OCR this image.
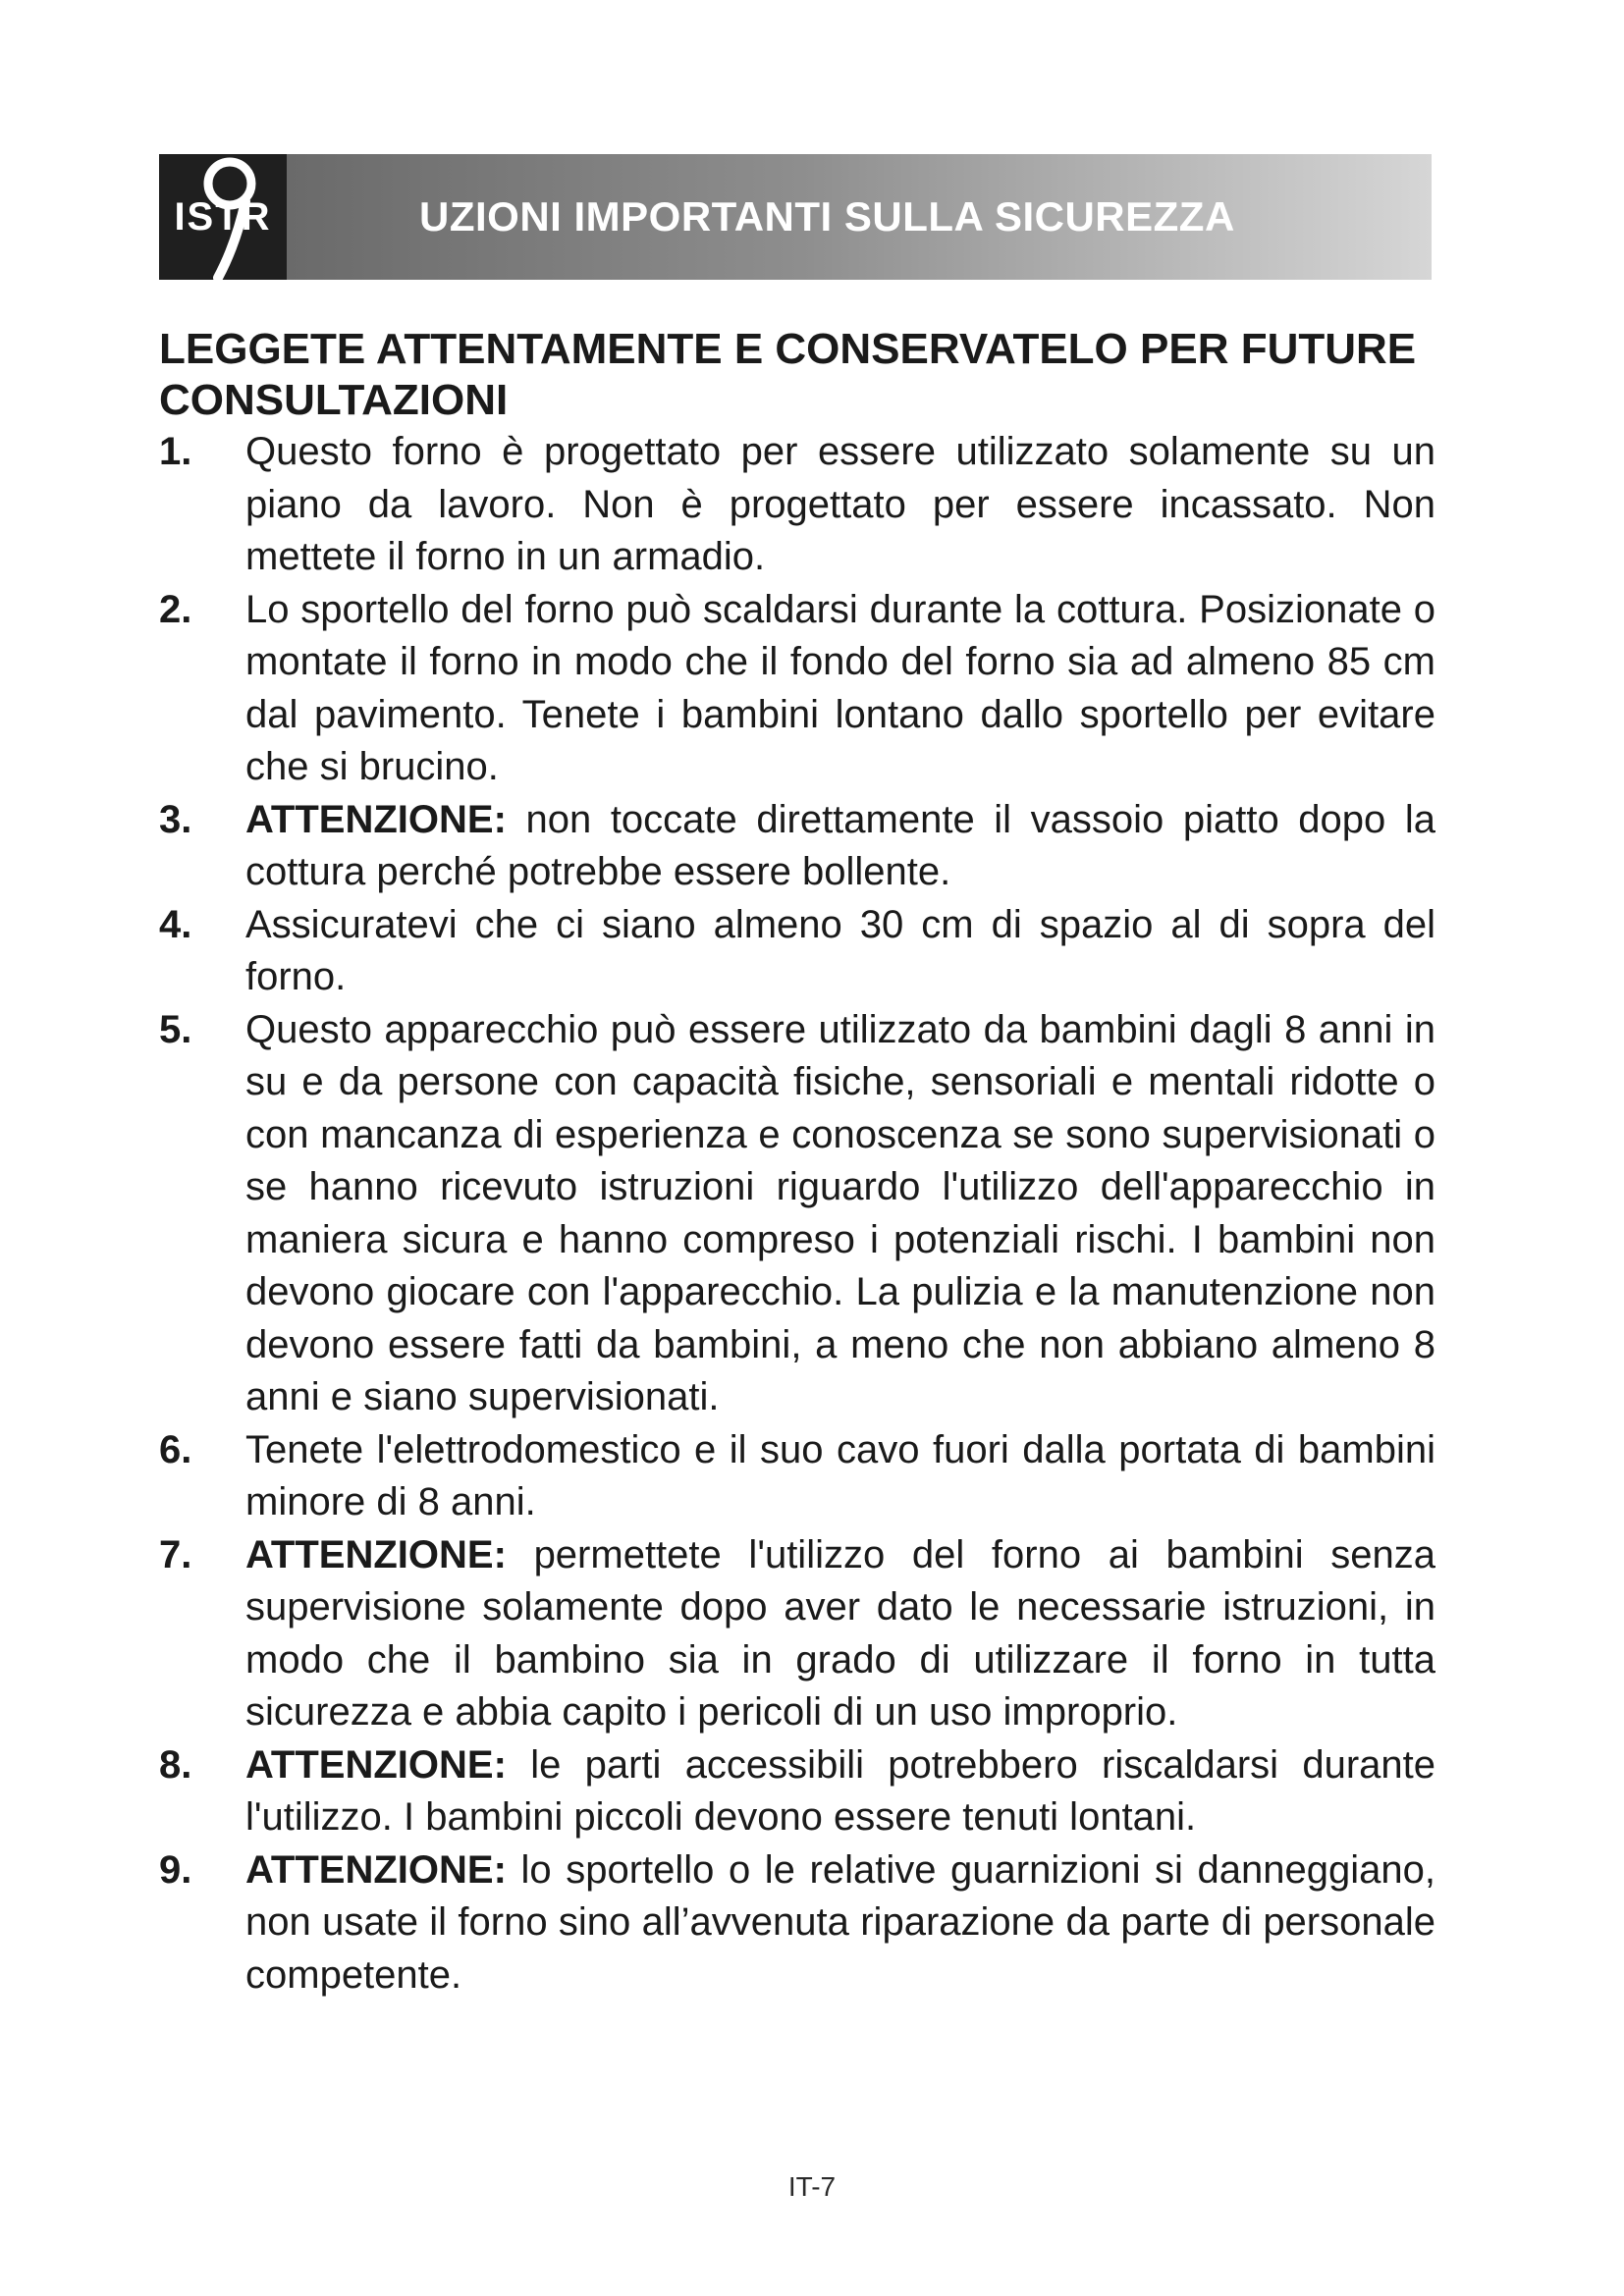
ISTR	UZIONI IMPORTANTI SULLA SICUREZZA
LEGGETE ATTENTAMENTE E CONSERVATELO PER FUTURE CONSULTAZIONI
1. Questo forno è progettato per essere utilizzato solamente su un piano da lavoro. Non è progettato per essere incassato. Non mettete il forno in un armadio.
2. Lo sportello del forno può scaldarsi durante la cottura. Posizionate o montate il forno in modo che il fondo del forno sia ad almeno 85 cm dal pavimento. Tenete i bambini lontano dallo sportello per evitare che si brucino.
3. ATTENZIONE: non toccate direttamente il vassoio piatto dopo la cottura perché potrebbe essere bollente.
4. Assicuratevi che ci siano almeno 30 cm di spazio al di sopra del forno.
5. Questo apparecchio può essere utilizzato da bambini dagli 8 anni in su e da persone con capacità fisiche, sensoriali e mentali ridotte o con mancanza di esperienza e conoscenza se sono supervisionati o se hanno ricevuto istruzioni riguardo l'utilizzo dell'apparecchio in maniera sicura e hanno compreso i potenziali rischi. I bambini non devono giocare con l'apparecchio. La pulizia e la manutenzione non devono essere fatti da bambini, a meno che non abbiano almeno 8 anni e siano supervisionati.
6. Tenete l'elettrodomestico e il suo cavo fuori dalla portata di bambini minore di 8 anni.
7. ATTENZIONE: permettete l'utilizzo del forno ai bambini senza supervisione solamente dopo aver dato le necessarie istruzioni, in modo che il bambino sia in grado di utilizzare il forno in tutta sicurezza e abbia capito i pericoli di un uso improprio.
8. ATTENZIONE: le parti accessibili potrebbero riscaldarsi durante l'utilizzo. I bambini piccoli devono essere tenuti lontani.
9. ATTENZIONE: lo sportello o le relative guarnizioni si danneggiano, non usate il forno sino all’avvenuta riparazione da parte di personale competente.
IT-7
